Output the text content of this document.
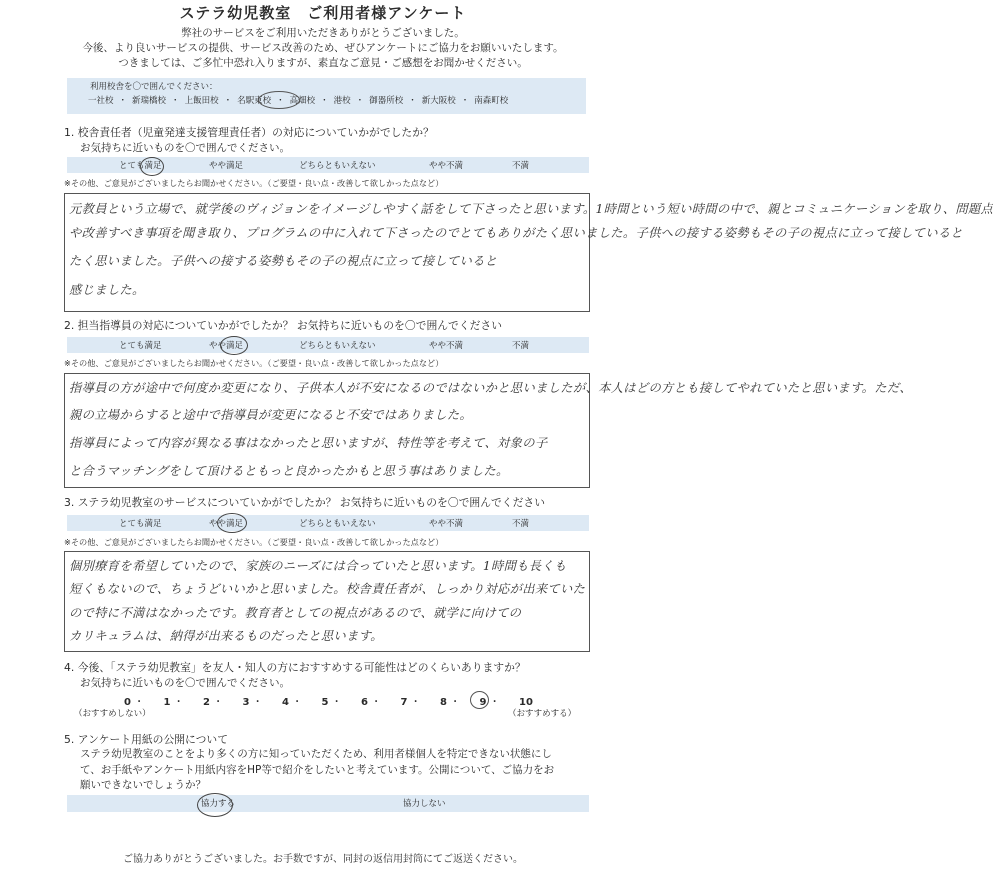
ステラ幼児教室　ご利用者様アンケート
弊社のサービスをご利用いただきありがとうございました。
今後、より良いサービスの提供、サービス改善のため、ぜひアンケートにご協力をお願いいたします。
つきましては、ご多忙中恐れ入りますが、素直なご意見・ご感想をお聞かせください。
利用校舎を〇で囲んでください：
一社校 ・ 新瑞橋校 ・ 上飯田校 ・ 名駅東校 ・ 高畑校 ・ 港校 ・ 御器所校 ・ 新大阪校 ・ 南森町校
1. 校舎責任者（児童発達支援管理責任者）の対応についていかがでしたか？
お気持ちに近いものを〇で囲んでください。
とても満足	やや満足	どちらともいえない	やや不満	不満
※その他、ご意見がございましたらお聞かせください。（ご要望・良い点・改善して欲しかった点など）
元教員という立場で、就学後のヴィジョンをイメージしやすく話をして下さったと思います。1時間という短い時間の中で、親とコミュニケーションを取り、問題点
や改善すべき事項を聞き取り、プログラムの中に入れて下さったのでとてもありがたく思いました。子供への接する姿勢もその子の視点に立って接していると
たく思いました。子供への接する姿勢もその子の視点に立って接していると
感じました。
2. 担当指導員の対応についていかがでしたか？ お気持ちに近いものを〇で囲んでください
とても満足	やや満足	どちらともいえない	やや不満	不満
※その他、ご意見がございましたらお聞かせください。（ご要望・良い点・改善して欲しかった点など）
指導員の方が途中で何度か変更になり、子供本人が不安になるのではないかと思いましたが、本人はどの方とも接してやれていたと思います。ただ、
親の立場からすると途中で指導員が変更になると不安ではありました。
指導員によって内容が異なる事はなかったと思いますが、特性等を考えて、対象の子
と合うマッチングをして頂けるともっと良かったかもと思う事はありました。
3. ステラ幼児教室のサービスについていかがでしたか？ お気持ちに近いものを〇で囲んでください
とても満足	やや満足	どちらともいえない	やや不満	不満
※その他、ご意見がございましたらお聞かせください。（ご要望・良い点・改善して欲しかった点など）
個別療育を希望していたので、家族のニーズには合っていたと思います。1時間も長くも
短くもないので、ちょうどいいかと思いました。校舎責任者が、しっかり対応が出来ていた
ので特に不満はなかったです。教育者としての視点があるので、就学に向けての
カリキュラムは、納得が出来るものだったと思います。
4. 今後、「ステラ幼児教室」を友人・知人の方におすすめする可能性はどのくらいありますか？
お気持ちに近いものを〇で囲んでください。
0 ・ 1 ・ 2 ・ 3 ・ 4 ・ 5 ・ 6 ・ 7 ・ 8 ・ 9 ・ 10
（おすすめしない）	（おすすめする）
5. アンケート用紙の公開について
ステラ幼児教室のことをより多くの方に知っていただくため、利用者様個人を特定できない状態にし
て、お手紙やアンケート用紙内容をHP等で紹介をしたいと考えています。公開について、ご協力をお
願いできないでしょうか？
協力する	協力しない
ご協力ありがとうございました。お手数ですが、同封の返信用封筒にてご返送ください。
